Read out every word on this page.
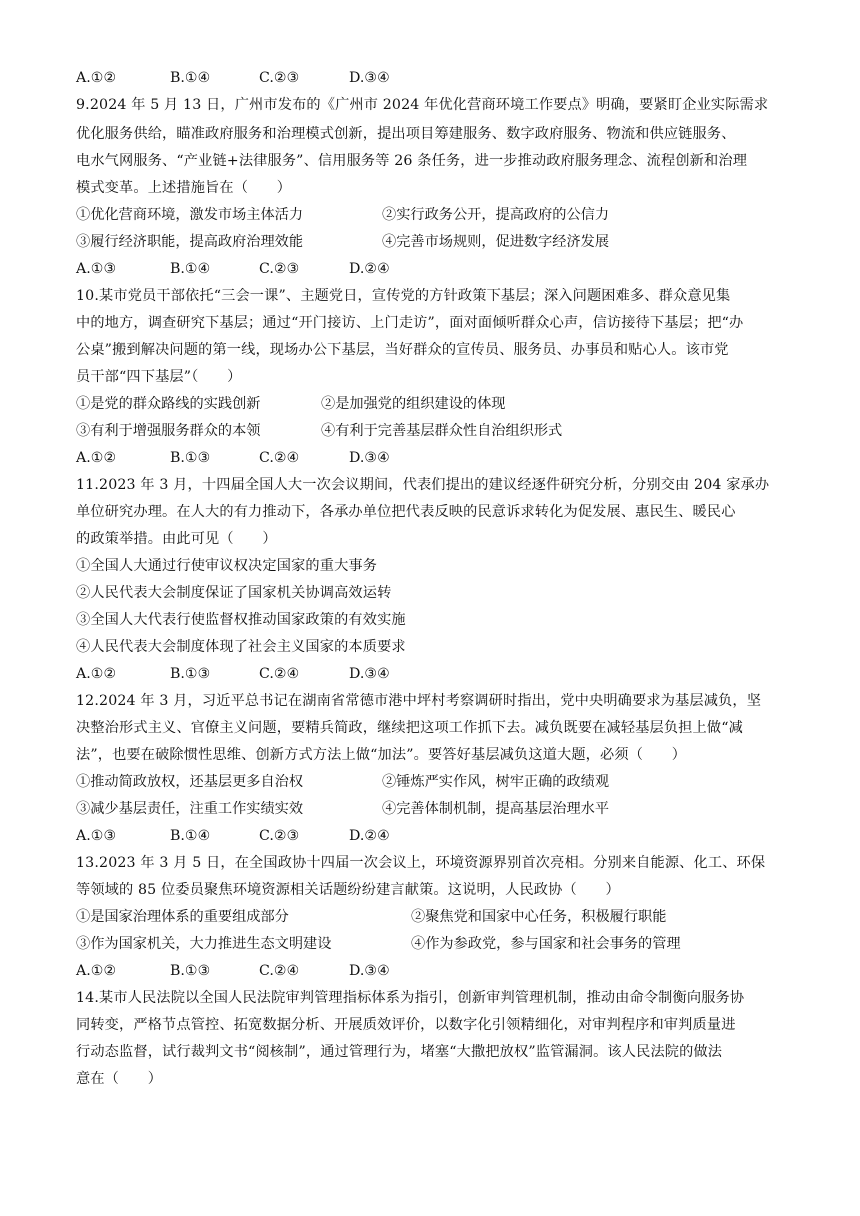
A.①②	B.①④	C.②③	D.③④
9.2024 年 5 月 13 日，广州市发布的《广州市 2024 年优化营商环境工作要点》明确，要紧盯企业实际需求
优化服务供给，瞄准政府服务和治理模式创新，提出项目筹建服务、数字政府服务、物流和供应链服务、
电水气网服务、“产业链+法律服务”、信用服务等 26 条任务，进一步推动政府服务理念、流程创新和治理
模式变革。上述措施旨在（　　）
①优化营商环境，激发市场主体活力	②实行政务公开，提高政府的公信力
③履行经济职能，提高政府治理效能	④完善市场规则，促进数字经济发展
A.①③	B.①④	C.②③	D.②④
10.某市党员干部依托“三会一课”、主题党日，宣传党的方针政策下基层；深入问题困难多、群众意见集
中的地方，调查研究下基层；通过“开门接访、上门走访”，面对面倾听群众心声，信访接待下基层；把“办
公桌”搬到解决问题的第一线，现场办公下基层，当好群众的宣传员、服务员、办事员和贴心人。该市党
员干部“四下基层”（　　）
①是党的群众路线的实践创新	②是加强党的组织建设的体现
③有利于增强服务群众的本领	④有利于完善基层群众性自治组织形式
A.①②	B.①③	C.②④	D.③④
11.2023 年 3 月，十四届全国人大一次会议期间，代表们提出的建议经逐件研究分析，分别交由 204 家承办
单位研究办理。在人大的有力推动下，各承办单位把代表反映的民意诉求转化为促发展、惠民生、暖民心
的政策举措。由此可见（　　）
①全国人大通过行使审议权决定国家的重大事务
②人民代表大会制度保证了国家机关协调高效运转
③全国人大代表行使监督权推动国家政策的有效实施
④人民代表大会制度体现了社会主义国家的本质要求
A.①②	B.①③	C.②④	D.③④
12.2024 年 3 月，习近平总书记在湖南省常德市港中坪村考察调研时指出，党中央明确要求为基层减负，坚
决整治形式主义、官僚主义问题，要精兵简政，继续把这项工作抓下去。减负既要在减轻基层负担上做“减
法”，也要在破除惯性思维、创新方式方法上做“加法”。要答好基层减负这道大题，必须（　　）
①推动简政放权，还基层更多自治权	②锤炼严实作风，树牢正确的政绩观
③减少基层责任，注重工作实绩实效	④完善体制机制，提高基层治理水平
A.①③	B.①④	C.②③	D.②④
13.2023 年 3 月 5 日，在全国政协十四届一次会议上，环境资源界别首次亮相。分别来自能源、化工、环保
等领域的 85 位委员聚焦环境资源相关话题纷纷建言献策。这说明，人民政协（　　）
①是国家治理体系的重要组成部分	②聚焦党和国家中心任务，积极履行职能
③作为国家机关，大力推进生态文明建设	④作为参政党，参与国家和社会事务的管理
A.①②	B.①③	C.②④	D.③④
14.某市人民法院以全国人民法院审判管理指标体系为指引，创新审判管理机制，推动由命令制衡向服务协
同转变，严格节点管控、拓宽数据分析、开展质效评价，以数字化引领精细化，对审判程序和审判质量进
行动态监督，试行裁判文书“阅核制”，通过管理行为，堵塞“大撒把放权”监管漏洞。该人民法院的做法
意在（　　）
